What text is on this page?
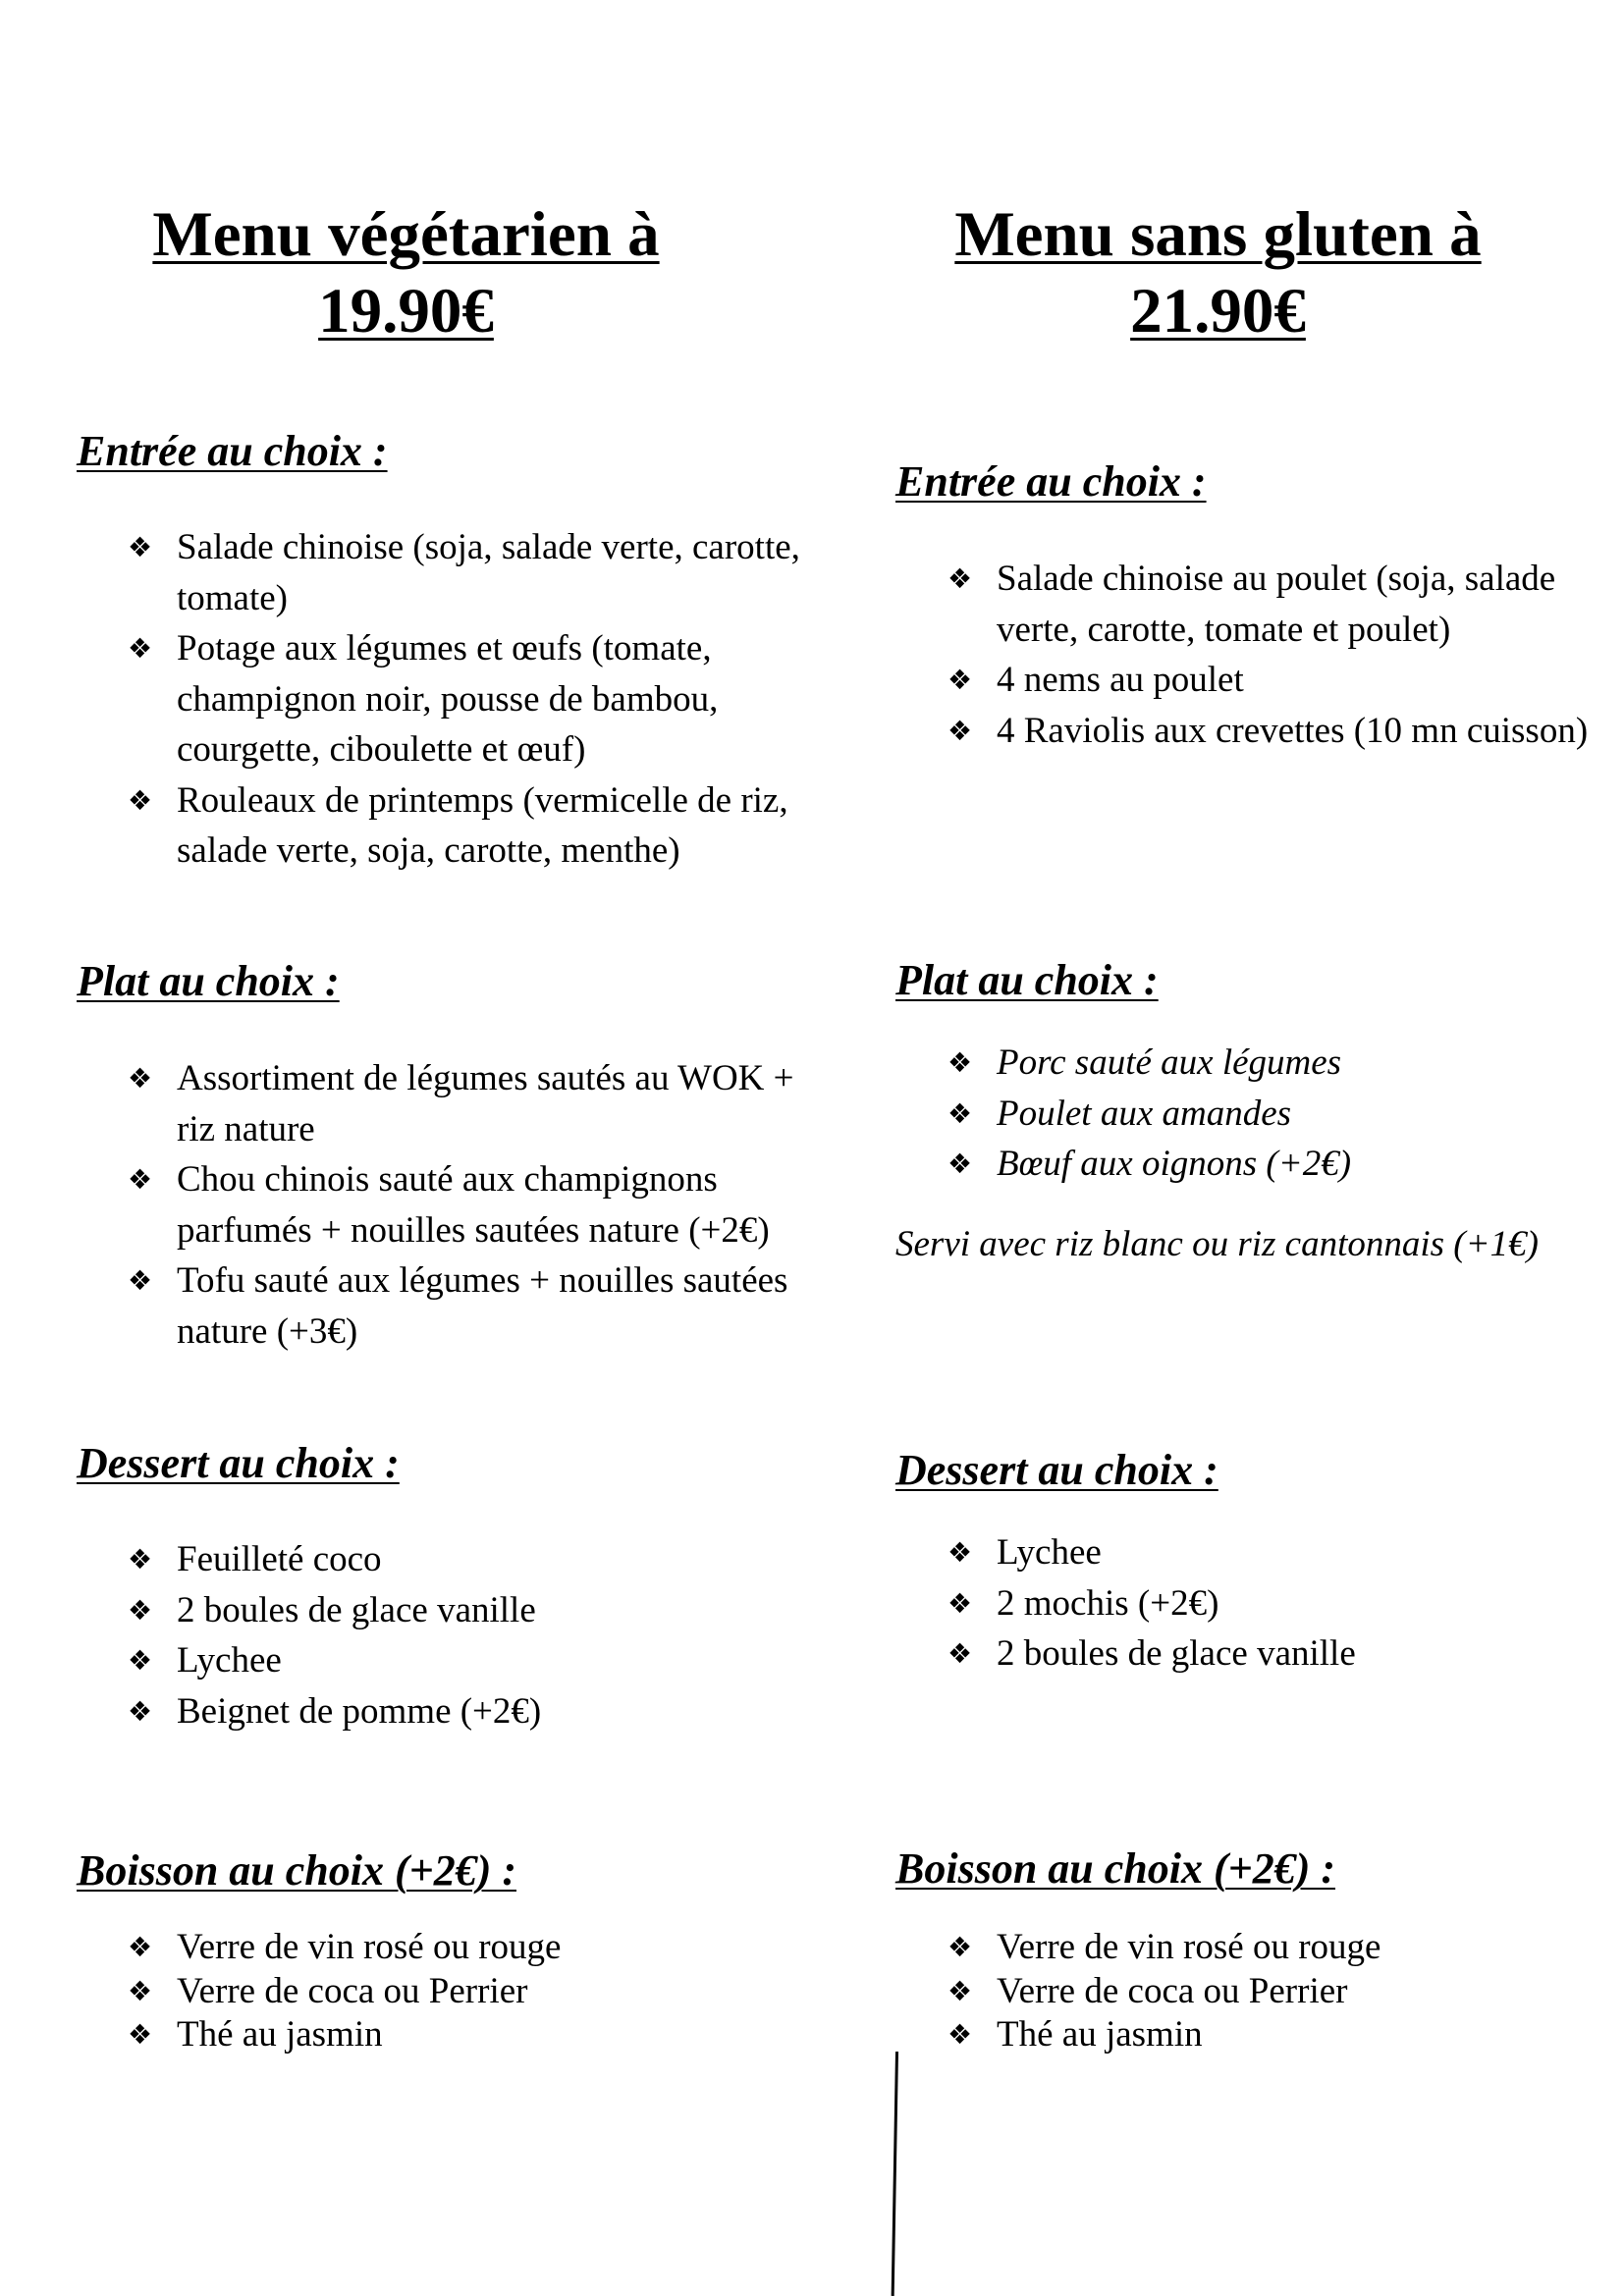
Menu végétarien à
19.90€
Entrée au choix :
❖ Salade chinoise (soja, salade verte, carotte, tomate)
❖ Potage aux légumes et œufs (tomate, champignon noir, pousse de bambou, courgette, ciboulette et œuf)
❖ Rouleaux de printemps (vermicelle de riz, salade verte, soja, carotte, menthe)
Plat au choix :
❖ Assortiment de légumes sautés au WOK + riz nature
❖ Chou chinois sauté aux champignons parfumés + nouilles sautées nature (+2€)
❖ Tofu sauté aux légumes + nouilles sautées nature (+3€)
Dessert au choix :
❖ Feuilleté coco
❖ 2 boules de glace vanille
❖ Lychee
❖ Beignet de pomme (+2€)
Boisson au choix (+2€) :
❖ Verre de vin rosé ou rouge
❖ Verre de coca ou Perrier
❖ Thé au jasmin
Menu sans gluten à
21.90€
Entrée au choix :
❖ Salade chinoise au poulet (soja, salade verte, carotte, tomate et poulet)
❖ 4 nems au poulet
❖ 4 Raviolis aux crevettes (10 mn cuisson)
Plat au choix :
❖ Porc sauté aux légumes
❖ Poulet aux amandes
❖ Bœuf aux oignons (+2€)

Servi avec riz blanc ou riz cantonnais (+1€)

Dessert au choix :
❖ Lychee
❖ 2 mochis (+2€)
❖ 2 boules de glace vanille
Boisson au choix (+2€) :
❖ Verre de vin rosé ou rouge
❖ Verre de coca ou Perrier
❖ Thé au jasmin
